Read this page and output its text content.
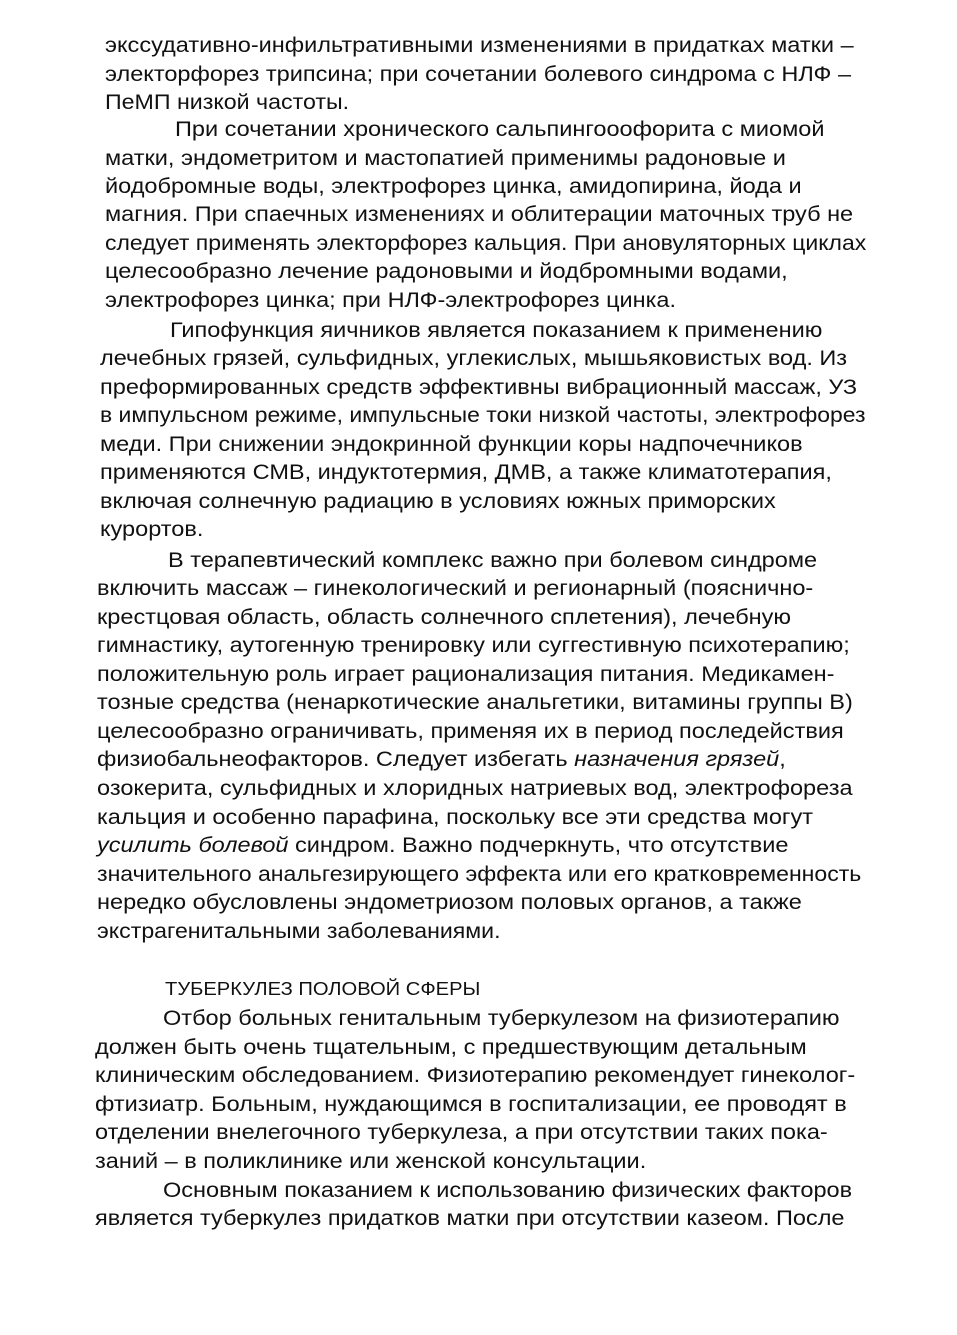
экссудативно-инфильтративными изменениями в придатках матки –
электорфорез трипсина; при сочетании болевого синдрома с НЛФ –
ПеМП низкой частоты.
При сочетании хронического сальпингооофорита с миомой
матки, эндометритом и мастопатией применимы радоновые и
йодобромные воды, электрофорез цинка, амидопирина, йода и
магния. При спаечных изменениях и облитерации маточных труб не
следует применять электорфорез кальция. При ановуляторных циклах
целесообразно лечение радоновыми и йодбромными водами,
электрофорез цинка; при НЛФ-электрофорез цинка.
Гипофункция яичников является показанием к применению
лечебных грязей, сульфидных, углекислых, мышьяковистых вод. Из
преформированных средств эффективны вибрационный массаж, УЗ
в импульсном режиме, импульсные токи низкой частоты, электрофорез
меди. При снижении эндокринной функции коры надпочечников
применяются СМВ, индуктотермия, ДМВ, а также климатотерапия,
включая солнечную радиацию в условиях южных приморских
курортов.
В терапевтический комплекс важно при болевом синдроме
включить массаж – гинекологический и регионарный (пояснично-
крестцовая область, область солнечного сплетения), лечебную
гимнастику, аутогенную тренировку или суггестивную психотерапию;
положительную роль играет рационализация питания. Медикамен-
тозные средства (ненаркотические анальгетики, витамины группы В)
целесообразно ограничивать, применяя их в период последействия
физиобальнеофакторов. Следует избегать назначения грязей,
озокерита, сульфидных и хлоридных натриевых вод, электрофореза
кальция и особенно парафина, поскольку все эти средства могут
усилить болевой синдром. Важно подчеркнуть, что отсутствие
значительного анальгезирующего эффекта или его кратковременность
нередко обусловлены эндометриозом половых органов, а также
экстрагенитальными заболеваниями.
ТУБЕРКУЛЕЗ ПОЛОВОЙ СФЕРЫ
Отбор больных генитальным туберкулезом на физиотерапию
должен быть очень тщательным, с предшествующим детальным
клиническим обследованием. Физиотерапию рекомендует гинеколог-
фтизиатр. Больным, нуждающимся в госпитализации, ее проводят в
отделении внелегочного туберкулеза, а при отсутствии таких пока-
заний – в поликлинике или женской консультации.
Основным показанием к использованию физических факторов
является туберкулез придатков матки при отсутствии казеом. После
